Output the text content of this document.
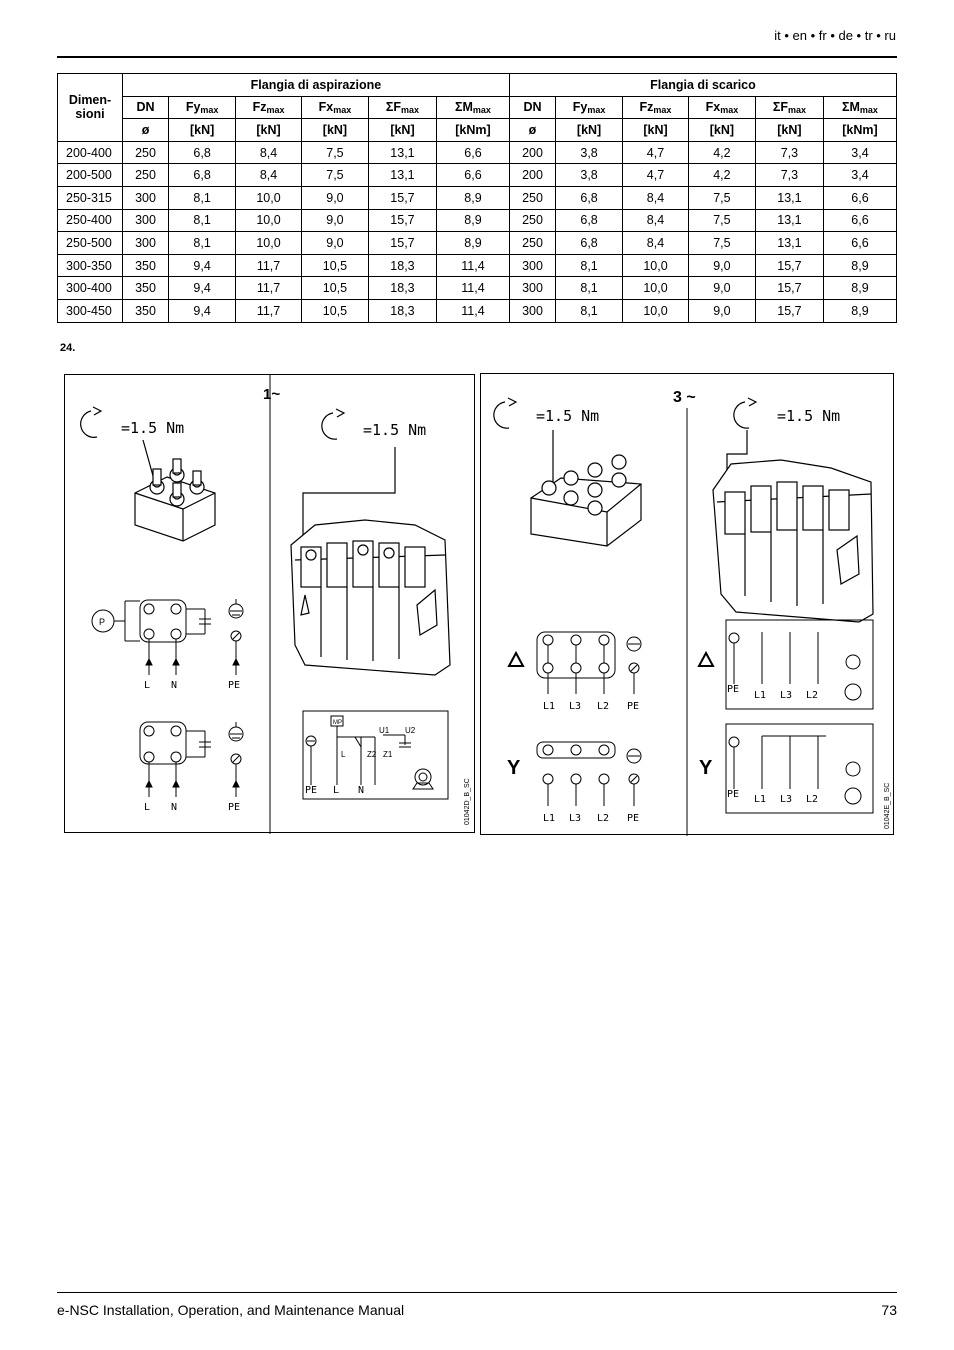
it • en • fr • de • tr • ru
Dimen-
sioni	Flangia di aspirazione						Flangia di scarico					
	DN	$Fy_{max}$	$Fz_{max}$	$Fx_{max}$	$\Sigma F_{max}$	$\Sigma M_{max}$	DN	$Fy_{max}$	$Fz_{max}$	$Fx_{max}$	$\Sigma F_{max}$	$\Sigma M_{max}$
	ø	[kN]	[kN]	[kN]	[kN]	[kNm]	ø	[kN]	[kN]	[kN]	[kN]	[kNm]
200-400	250	6,8	8,4	7,5	13,1	6,6	200	3,8	4,7	4,2	7,3	3,4
200-500	250	6,8	8,4	7,5	13,1	6,6	200	3,8	4,7	4,2	7,3	3,4
250-315	300	8,1	10,0	9,0	15,7	8,9	250	6,8	8,4	7,5	13,1	6,6
250-400	300	8,1	10,0	9,0	15,7	8,9	250	6,8	8,4	7,5	13,1	6,6
250-500	300	8,1	10,0	9,0	15,7	8,9	250	6,8	8,4	7,5	13,1	6,6
300-350	350	9,4	11,7	10,5	18,3	11,4	300	8,1	10,0	9,0	15,7	8,9
300-400	350	9,4	11,7	10,5	18,3	11,4	300	8,1	10,0	9,0	15,7	8,9
300-450	350	9,4	11,7	10,5	18,3	11,4	300	8,1	10,0	9,0	15,7	8,9
24.
1~
=1.5 Nm
P
L N	PE
L N	PE
=1.5 Nm
MP
U1 U2
L	Z2 Z1
PE L N	01042D_B_SC
3 ~
=1.5 Nm	=1.5 Nm
L1 L3 L2 PE
Y
L1 L3 L2 PE
PE
L1 L3 L2
Y
PE L1 L3 L2	01042E_B_SC
e-NSC Installation, Operation, and Maintenance Manual	73
